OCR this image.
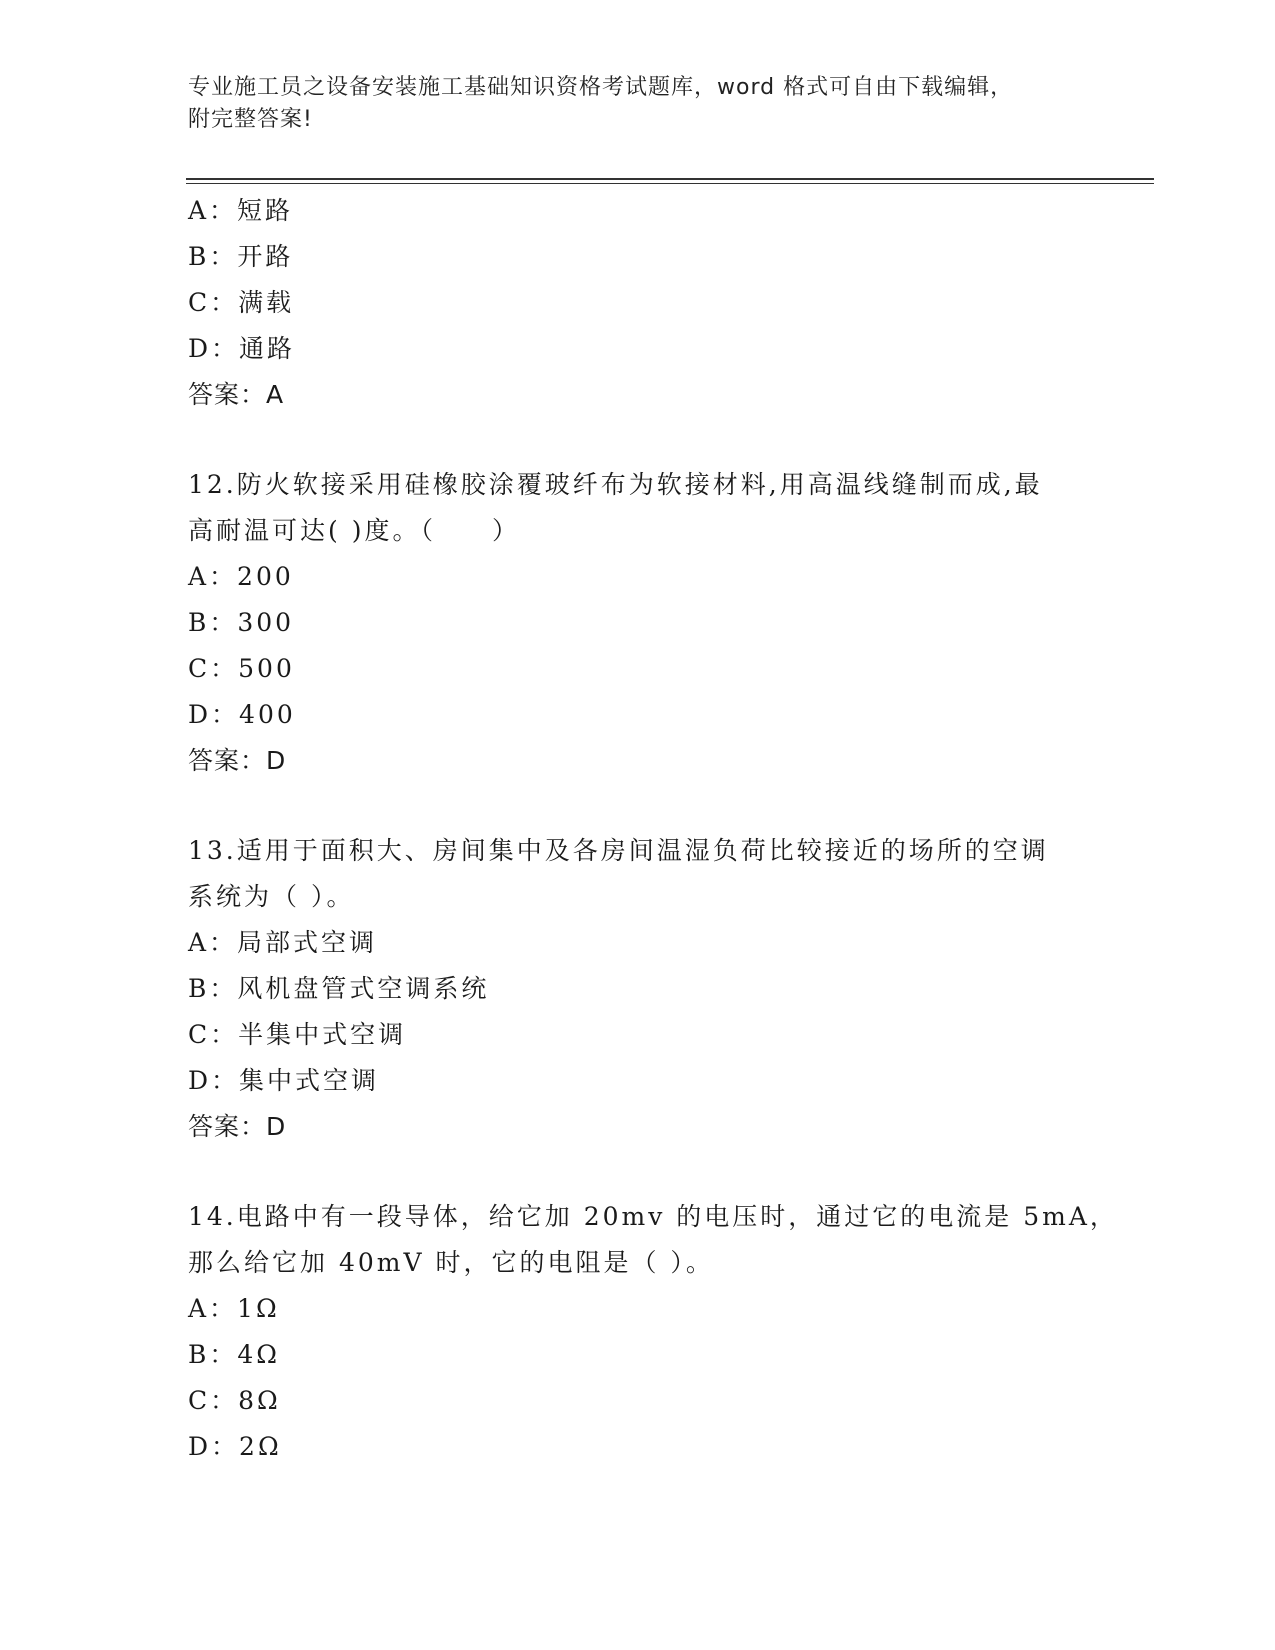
专业施工员之设备安装施工基础知识资格考试题库，word 格式可自由下载编辑，
附完整答案!
A：短路
B：开路
C：满载
D：通路
答案：A
12.防火软接采用硅橡胶涂覆玻纤布为软接材料,用高温线缝制而成,最
高耐温可达( )度。（　　）
A：200
B：300
C：500
D：400
答案：D
13.适用于面积大、房间集中及各房间温湿负荷比较接近的场所的空调
系统为（ ）。
A：局部式空调
B：风机盘管式空调系统
C：半集中式空调
D：集中式空调
答案：D
14.电路中有一段导体，给它加 20mv 的电压时，通过它的电流是 5mA，
那么给它加 40mV 时，它的电阻是（ ）。
A：1Ω
B：4Ω
C：8Ω
D：2Ω
